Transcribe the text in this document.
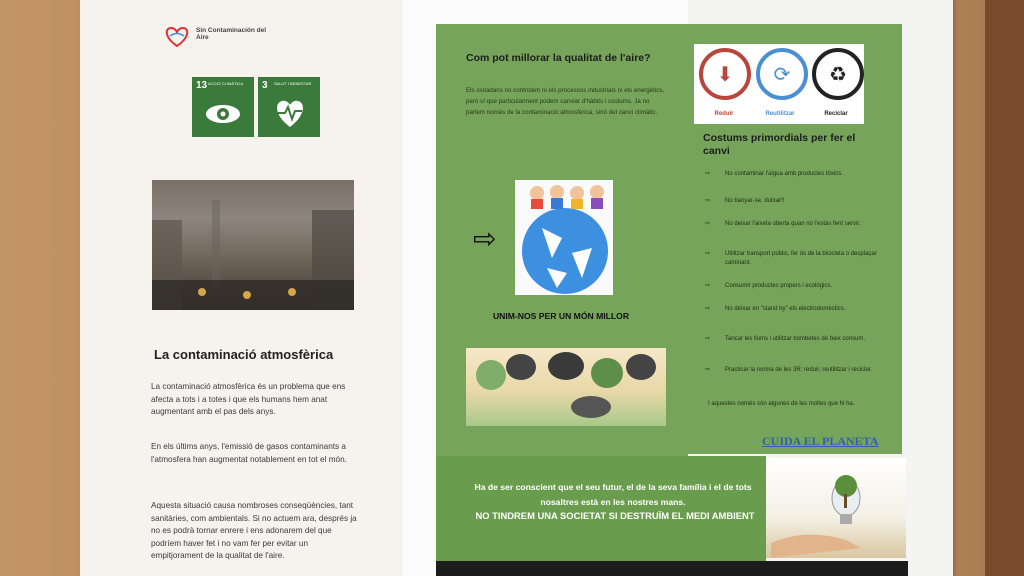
Sin Contaminación del Aire
13 ACCIÓ CLIMÀTICA	3 SALUT I BENESTAR
La contaminació atmosfèrica
La contaminació atmosfèrica és un problema que ens afecta a tots i a totes i que els humans hem anat augmentant amb el pas dels anys.
En els últims anys, l'emissió de gasos contaminants a l'atmosfera han augmentat notablement en tot el món.
Aquesta situació causa nombroses conseqüències, tant sanitàries, com ambientals. Si no actuem ara, després ja no es podrà tornar enrere i ens adonarem del que podríem haver fet i no vam fer per evitar un empitjorament de la qualitat de l'aire.
Com pot millorar la qualitat de l'aire?
Els ciutadans no controlem ni els processos industrials ni els energètics, però sí que particularment podem canviar d'hàbits i costums. Ja no parlem només de la contaminació atmosfèrica, sinó del canvi climàtic.
⇨
UNIM-NOS PER UN MÓN MILLOR
⬇	⟳	♻
Reduir	Reutilitzar	Reciclar
Costums primordials per fer el canvi
⇨ No contaminar l'aigua amb productes tòxics.
⇨ No banyar-se, dutxar!!
⇨ No deixar l'aixeta oberta quan no l'estàs fent servir.
⇨ Utilitzar transport públic, fer ús de la bicicleta o desplaçar caminant.
⇨ Consumir productes propers i ecològics.
⇨ No deixar en "stand by" els electrodomèstics.
⇨ Tancar les llums i utilitzar bombetes de baix consum.
⇨ Practicar la norma de les 3R: reduir, reutilitzar i reciclar.
I aquestes només són algunes de les moltes que hi ha.
CUIDA EL PLANETA
Ha de ser conscient que el seu futur, el de la seva família i el de tots nosaltres està en les nostres mans.
NO TINDREM UNA SOCIETAT SI DESTRUÏM EL MEDI AMBIENT
